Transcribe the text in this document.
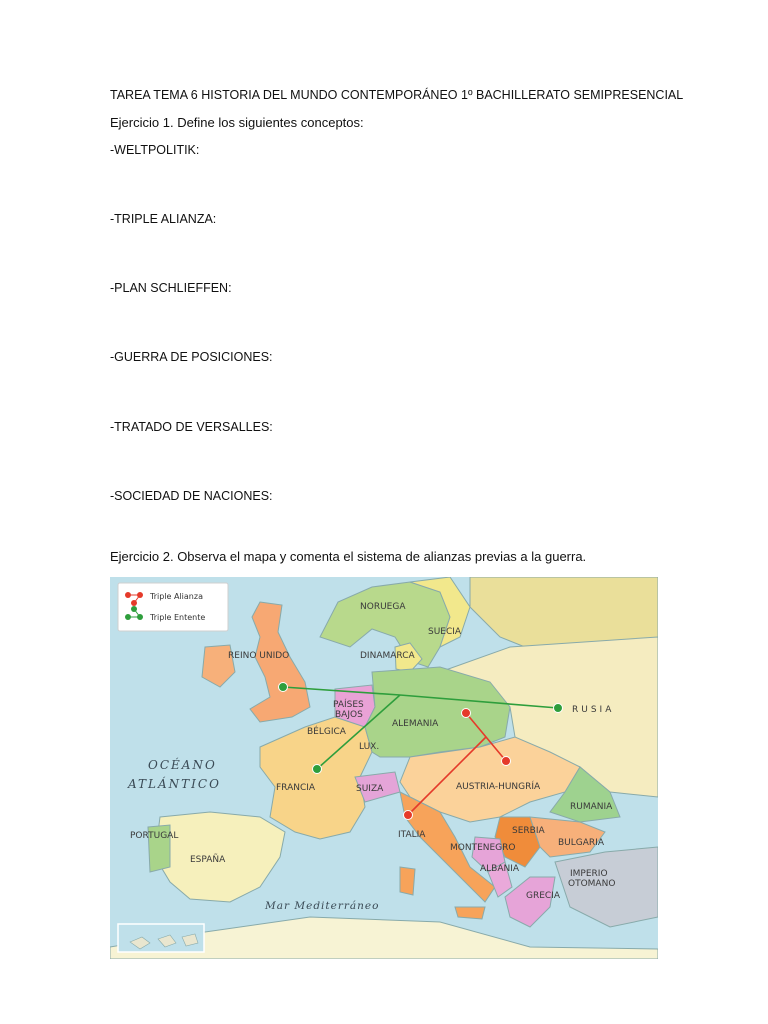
TAREA TEMA 6 HISTORIA DEL MUNDO CONTEMPORÁNEO 1º BACHILLERATO SEMIPRESENCIAL
Ejercicio 1. Define los siguientes conceptos:
-WELTPOLITIK:
-TRIPLE ALIANZA:
-PLAN SCHLIEFFEN:
-GUERRA DE POSICIONES:
-TRATADO DE VERSALLES:
-SOCIEDAD DE NACIONES:
Ejercicio 2. Observa el mapa y comenta el sistema de alianzas previas a la guerra.
Triple Alianza
Triple Entente
NORUEGA
SUECIA
REINO UNIDO	DINAMARCA
PAÍSES
BAJOS
BÉLGICA
LUX.
ALEMANIA
RUSIA
FRANCIA	SUIZA	AUSTRIA-HUNGRÍA
RUMANIA
SERBIA
BULGARIA
ITALIA
MONTENEGRO
ALBANIA
GRECIA
IMPERIO
OTOMANO
PORTUGAL
ESPAÑA
OCÉANO
ATLÁNTICO
Mar Mediterráneo
